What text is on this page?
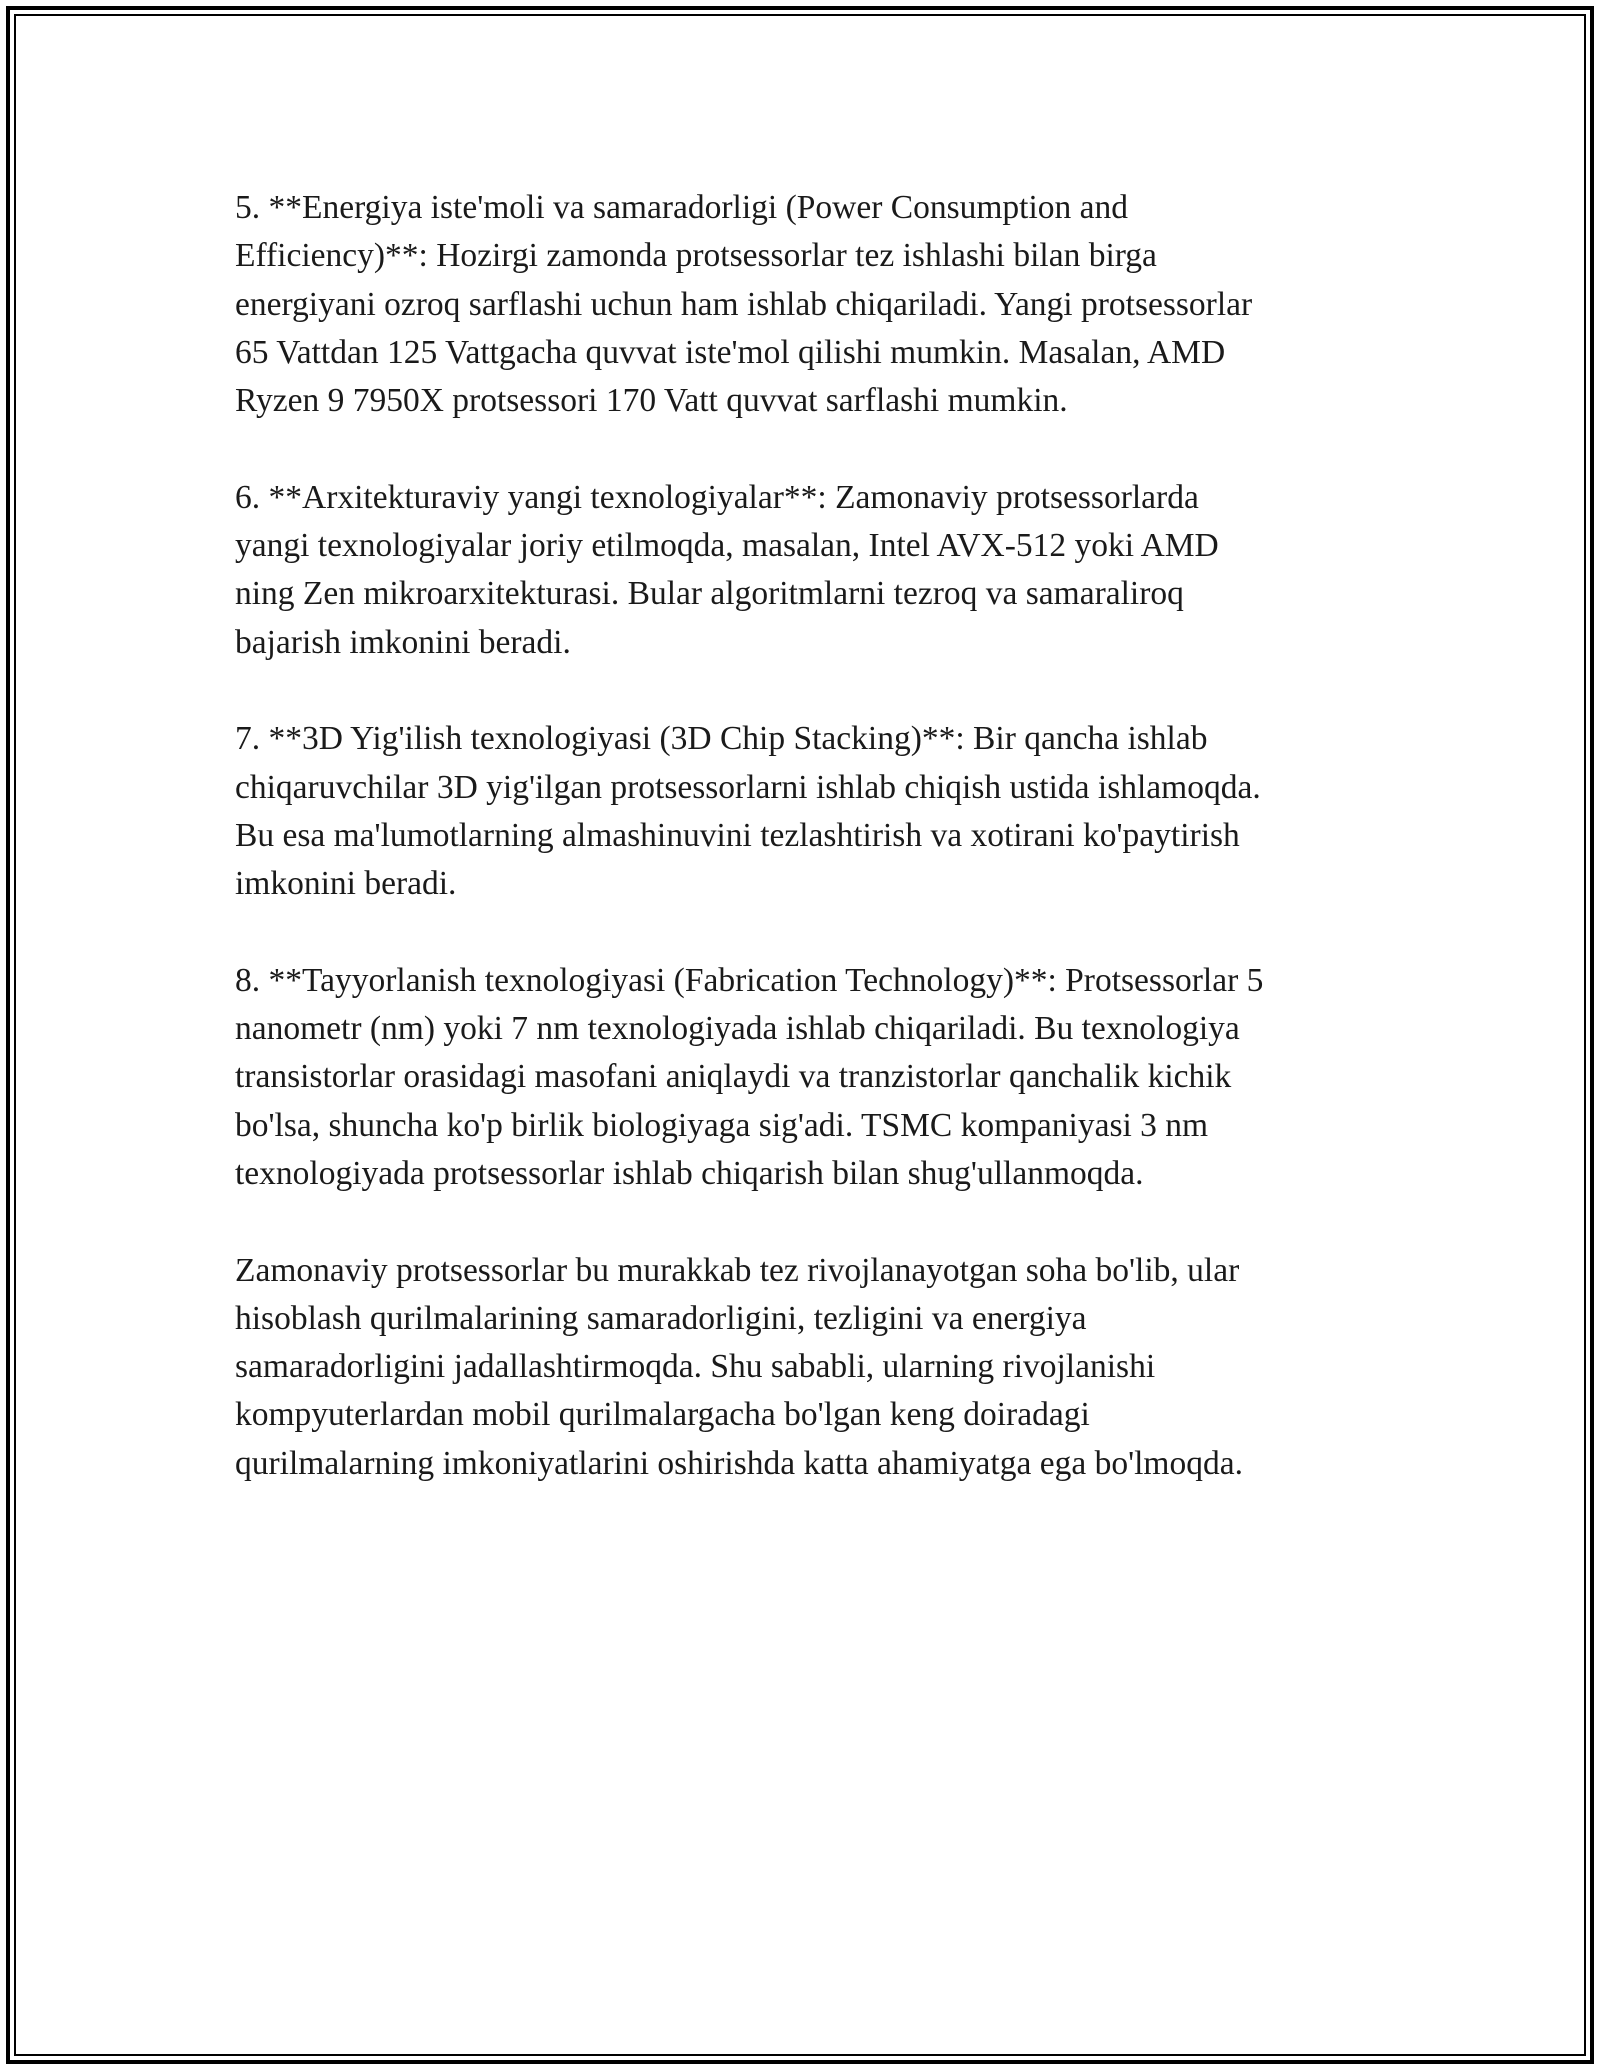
5. **Energiya iste'moli va samaradorligi (Power Consumption and
Efficiency)**: Hozirgi zamonda protsessorlar tez ishlashi bilan birga
energiyani ozroq sarflashi uchun ham ishlab chiqariladi. Yangi protsessorlar
65 Vattdan 125 Vattgacha quvvat iste'mol qilishi mumkin. Masalan, AMD
Ryzen 9 7950X protsessori 170 Vatt quvvat sarflashi mumkin.

6. **Arxitekturaviy yangi texnologiyalar**: Zamonaviy protsessorlarda
yangi texnologiyalar joriy etilmoqda, masalan, Intel AVX-512 yoki AMD
ning Zen mikroarxitekturasi. Bular algoritmlarni tezroq va samaraliroq
bajarish imkonini beradi.

7. **3D Yig'ilish texnologiyasi (3D Chip Stacking)**: Bir qancha ishlab
chiqaruvchilar 3D yig'ilgan protsessorlarni ishlab chiqish ustida ishlamoqda.
Bu esa ma'lumotlarning almashinuvini tezlashtirish va xotirani ko'paytirish
imkonini beradi.

8. **Tayyorlanish texnologiyasi (Fabrication Technology)**: Protsessorlar 5
nanometr (nm) yoki 7 nm texnologiyada ishlab chiqariladi. Bu texnologiya
transistorlar orasidagi masofani aniqlaydi va tranzistorlar qanchalik kichik
bo'lsa, shuncha ko'p birlik biologiyaga sig'adi. TSMC kompaniyasi 3 nm
texnologiyada protsessorlar ishlab chiqarish bilan shug'ullanmoqda.

Zamonaviy protsessorlar bu murakkab tez rivojlanayotgan soha bo'lib, ular
hisoblash qurilmalarining samaradorligini, tezligini va energiya
samaradorligini jadallashtirmoqda. Shu sababli, ularning rivojlanishi
kompyuterlardan mobil qurilmalargacha bo'lgan keng doiradagi
qurilmalarning imkoniyatlarini oshirishda katta ahamiyatga ega bo'lmoqda.
